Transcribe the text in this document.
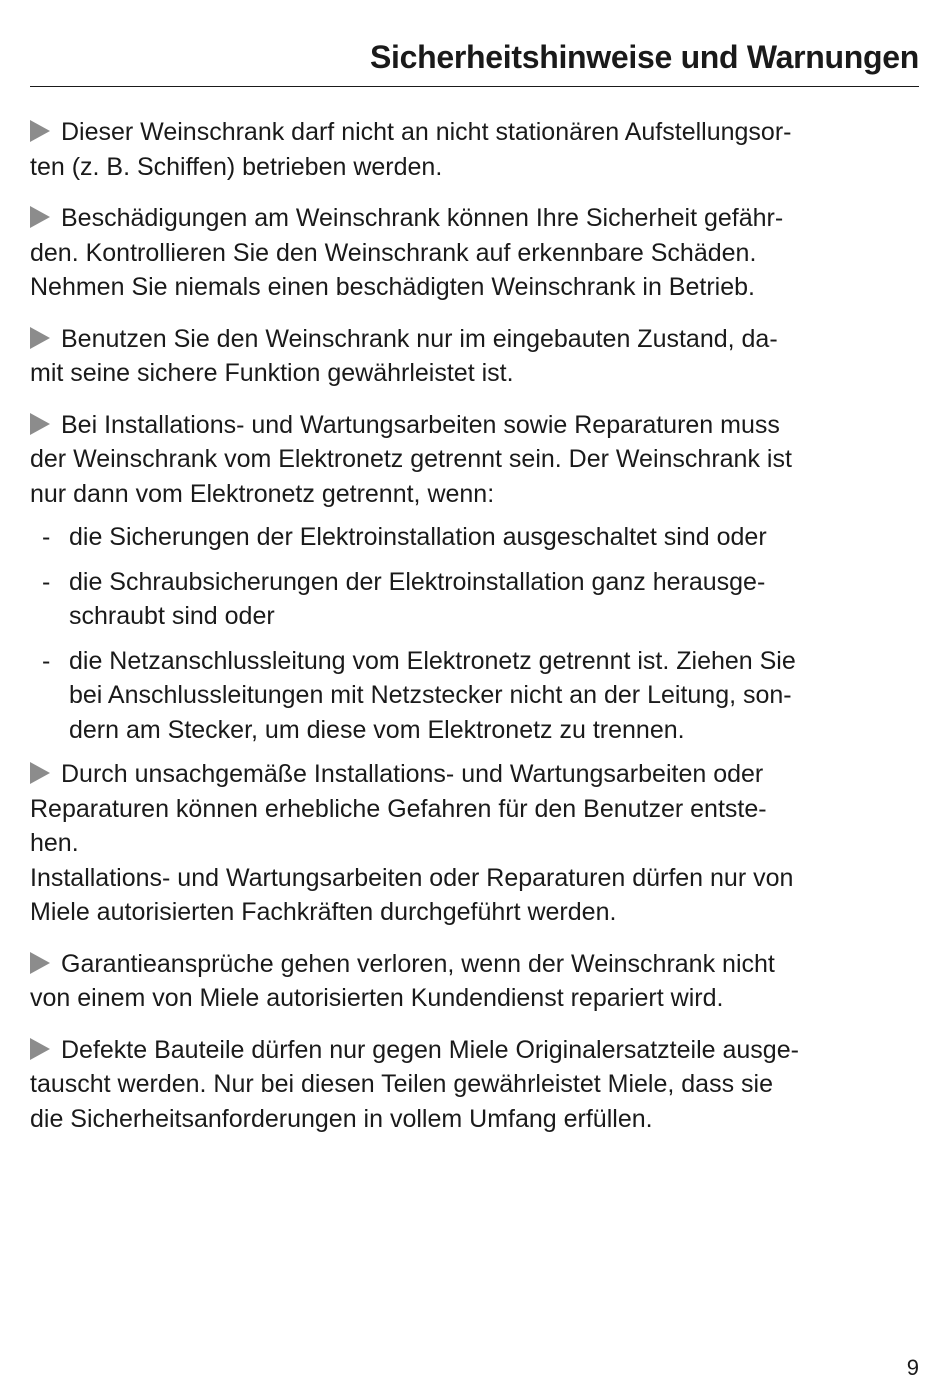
Sicherheitshinweise und Warnungen
Dieser Weinschrank darf nicht an nicht stationären Aufstellungsor-
ten (z. B. Schiffen) betrieben werden.
Beschädigungen am Weinschrank können Ihre Sicherheit gefähr-
den. Kontrollieren Sie den Weinschrank auf erkennbare Schäden.
Nehmen Sie niemals einen beschädigten Weinschrank in Betrieb.
Benutzen Sie den Weinschrank nur im eingebauten Zustand, da-
mit seine sichere Funktion gewährleistet ist.
Bei Installations- und Wartungsarbeiten sowie Reparaturen muss
der Weinschrank vom Elektronetz getrennt sein. Der Weinschrank ist
nur dann vom Elektronetz getrennt, wenn:
- die Sicherungen der Elektroinstallation ausgeschaltet sind oder
- die Schraubsicherungen der Elektroinstallation ganz herausge-
schraubt sind oder
- die Netzanschlussleitung vom Elektronetz getrennt ist. Ziehen Sie
bei Anschlussleitungen mit Netzstecker nicht an der Leitung, son-
dern am Stecker, um diese vom Elektronetz zu trennen.
Durch unsachgemäße Installations- und Wartungsarbeiten oder
Reparaturen können erhebliche Gefahren für den Benutzer entste-
hen.
Installations- und Wartungsarbeiten oder Reparaturen dürfen nur von
Miele autorisierten Fachkräften durchgeführt werden.
Garantieansprüche gehen verloren, wenn der Weinschrank nicht
von einem von Miele autorisierten Kundendienst repariert wird.
Defekte Bauteile dürfen nur gegen Miele Originalersatzteile ausge-
tauscht werden. Nur bei diesen Teilen gewährleistet Miele, dass sie
die Sicherheitsanforderungen in vollem Umfang erfüllen.
9
